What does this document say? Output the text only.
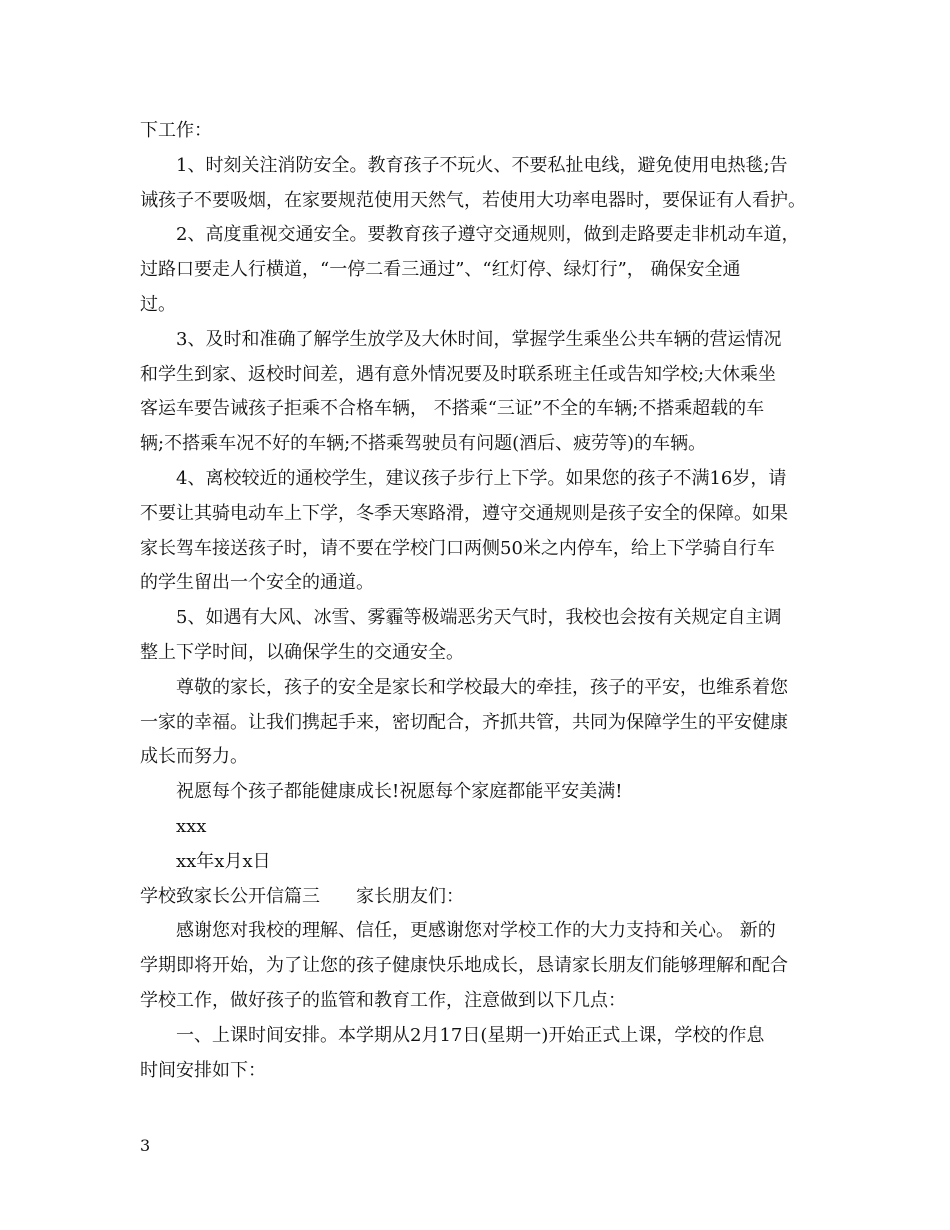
下工作：
1、时刻关注消防安全。教育孩子不玩火、不要私扯电线，避免使用电热毯;告
诫孩子不要吸烟，在家要规范使用天然气，若使用大功率电器时，要保证有人看护。
2、高度重视交通安全。要教育孩子遵守交通规则，做到走路要走非机动车道，
过路口要走人行横道，“一停二看三通过”、“红灯停、绿灯行”， 确保安全通
过。
3、及时和准确了解学生放学及大休时间，掌握学生乘坐公共车辆的营运情况
和学生到家、返校时间差，遇有意外情况要及时联系班主任或告知学校;大休乘坐
客运车要告诫孩子拒乘不合格车辆， 不搭乘“三证”不全的车辆;不搭乘超载的车
辆;不搭乘车况不好的车辆;不搭乘驾驶员有问题(酒后、疲劳等)的车辆。
4、离校较近的通校学生，建议孩子步行上下学。如果您的孩子不满16岁，请
不要让其骑电动车上下学，冬季天寒路滑，遵守交通规则是孩子安全的保障。如果
家长驾车接送孩子时，请不要在学校门口两侧50米之内停车，给上下学骑自行车
的学生留出一个安全的通道。
5、如遇有大风、冰雪、雾霾等极端恶劣天气时，我校也会按有关规定自主调
整上下学时间，以确保学生的交通安全。
尊敬的家长，孩子的安全是家长和学校最大的牵挂，孩子的平安，也维系着您
一家的幸福。让我们携起手来，密切配合，齐抓共管，共同为保障学生的平安健康
成长而努力。
祝愿每个孩子都能健康成长!祝愿每个家庭都能平安美满!
xxx
xx年x月x日
学校致家长公开信篇三　　家长朋友们：
感谢您对我校的理解、信任，更感谢您对学校工作的大力支持和关心。 新的
学期即将开始，为了让您的孩子健康快乐地成长，恳请家长朋友们能够理解和配合
学校工作，做好孩子的监管和教育工作，注意做到以下几点：
一、上课时间安排。本学期从2月17日(星期一)开始正式上课，学校的作息
时间安排如下：
3
